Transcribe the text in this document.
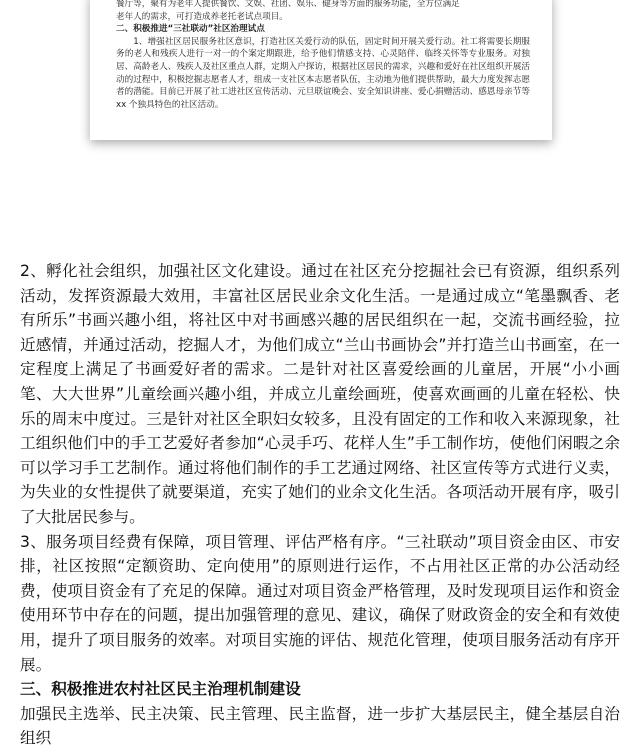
餐厅等，聚有为老年人提供餐饮、文娱、社团、娱乐、健身等方面的服务功能，全方位满足

老年人的需求，可打造成养老托老试点项目。

二、积极推进“三社联动”社区治理试点

1、增强社区居民服务社区意识，打造社区关爱行动的队伍，固定时间开展关爱行动。社工将需要长期服务的老人和残疾人进行一对一的个案定期跟进，给予他们情感支持、心灵陪伴、临终关怀等专业服务。对独居、高龄老人、残疾人及社区重点人群，定期入户探访，根据社区居民的需求，兴趣和爱好在社区组织开展活动的过程中，积极挖掘志愿者人才，组成一支社区本志愿者队伍，主动地为他们提供帮助，最大力度发挥志愿者的潜能。目前已开展了社工进社区宣传活动、元旦联谊晚会、安全知识讲座、爱心捐赠活动、感恩母亲节等 xx 个独具特色的社区活动。

2、孵化社会组织，加强社区文化建设。通过在社区充分挖掘社会已有资源，组织系列活动，发挥资源最大效用，丰富社区居民业余文化生活。一是通过成立“笔墨飘香、老有所乐”书画兴趣小组，将社区中对书画感兴趣的居民组织在一起，交流书画经验，拉近感情，并通过活动，挖掘人才，为他们成立“兰山书画协会”并打造兰山书画室，在一定程度上满足了书画爱好者的需求。二是针对社区喜爱绘画的儿童居，开展“小小画笔、大大世界”儿童绘画兴趣小组，并成立儿童绘画班，使喜欢画画的儿童在轻松、快乐的周末中度过。三是针对社区全职妇女较多，且没有固定的工作和收入来源现象，社工组织他们中的手工艺爱好者参加“心灵手巧、花样人生”手工制作坊，使他们闲暇之余可以学习手工艺制作。通过将他们制作的手工艺通过网络、社区宣传等方式进行义卖，为失业的女性提供了就要渠道，充实了她们的业余文化生活。各项活动开展有序，吸引了大批居民参与。

3、服务项目经费有保障，项目管理、评估严格有序。“三社联动”项目资金由区、市安排，社区按照“定额资助、定向使用”的原则进行运作，不占用社区正常的办公活动经费，使项目资金有了充足的保障。通过对项目资金严格管理，及时发现项目运作和资金使用环节中存在的问题，提出加强管理的意见、建议，确保了财政资金的安全和有效使用，提升了项目服务的效率。对项目实施的评估、规范化管理，使项目服务活动有序开展。

三、积极推进农村社区民主治理机制建设

加强民主选举、民主决策、民主管理、民主监督，进一步扩大基层民主，健全基层自治组织
